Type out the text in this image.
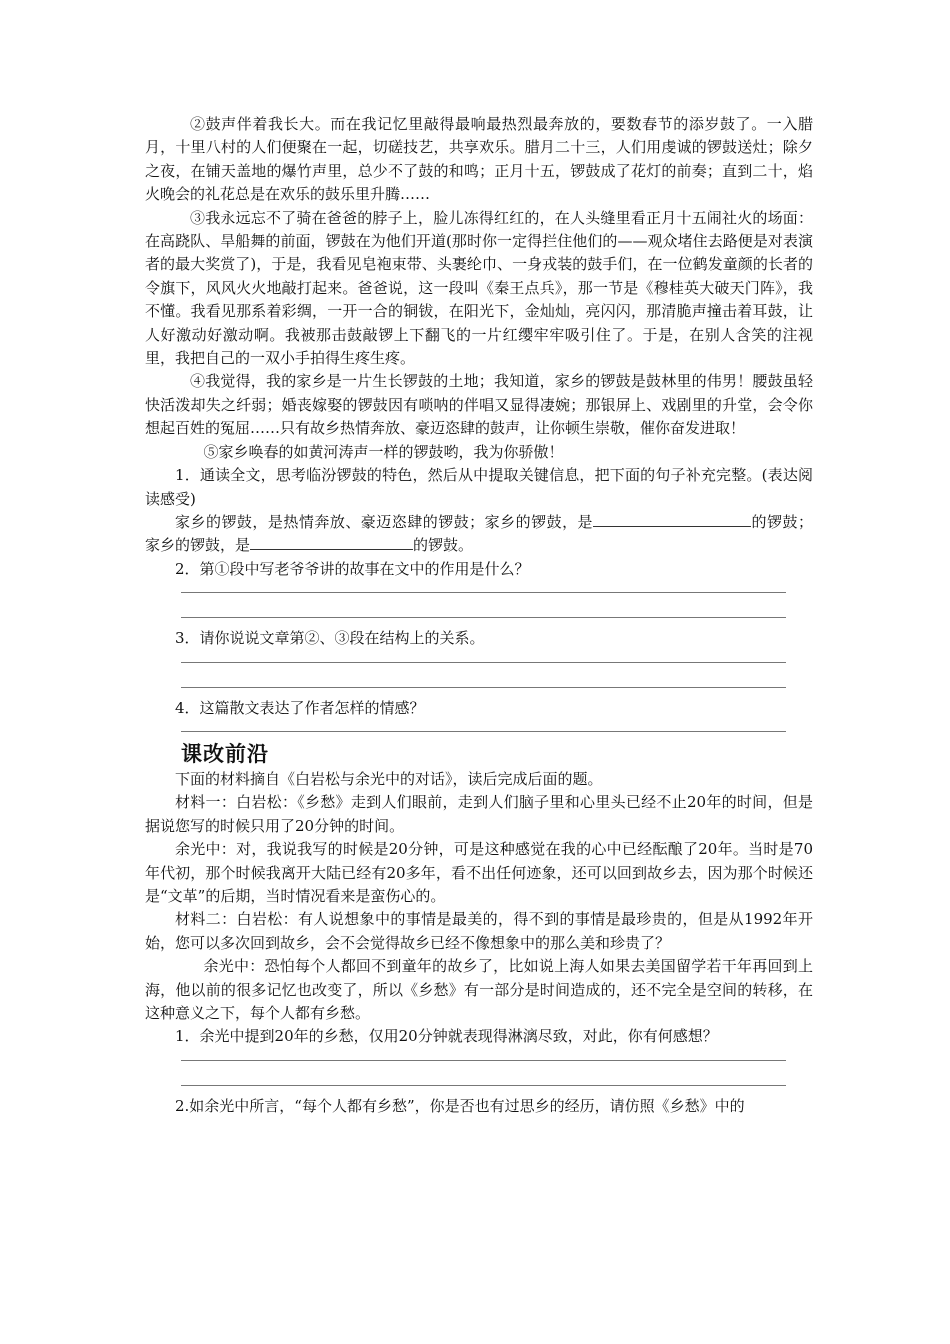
②鼓声伴着我长大。而在我记忆里敲得最响最热烈最奔放的，要数春节的添岁鼓了。一入腊月，十里八村的人们便聚在一起，切磋技艺，共享欢乐。腊月二十三，人们用虔诚的锣鼓送灶；除夕之夜，在铺天盖地的爆竹声里，总少不了鼓的和鸣；正月十五，锣鼓成了花灯的前奏；直到二十，焰火晚会的礼花总是在欢乐的鼓乐里升腾……

③我永远忘不了骑在爸爸的脖子上，脸儿冻得红红的，在人头缝里看正月十五闹社火的场面：在高跷队、旱船舞的前面，锣鼓在为他们开道(那时你一定得拦住他们的——观众堵住去路便是对表演者的最大奖赏了)，于是，我看见皂袍束带、头裹纶巾、一身戎装的鼓手们，在一位鹤发童颜的长者的令旗下，风风火火地敲打起来。爸爸说，这一段叫《秦王点兵》，那一节是《穆桂英大破天门阵》，我不懂。我看见那系着彩绸，一开一合的铜钹，在阳光下，金灿灿，亮闪闪，那清脆声撞击着耳鼓，让人好激动好激动啊。我被那击鼓敲锣上下翻飞的一片红缨牢牢吸引住了。于是，在别人含笑的注视里，我把自己的一双小手拍得生疼生疼。

④我觉得，我的家乡是一片生长锣鼓的土地；我知道，家乡的锣鼓是鼓林里的伟男！腰鼓虽轻快活泼却失之纤弱；婚丧嫁娶的锣鼓因有唢呐的伴唱又显得凄婉；那银屏上、戏剧里的升堂，会令你想起百姓的冤屈……只有故乡热情奔放、豪迈恣肆的鼓声，让你顿生崇敬，催你奋发进取！

⑤家乡唤春的如黄河涛声一样的锣鼓哟，我为你骄傲！

1．通读全文，思考临汾锣鼓的特色，然后从中提取关键信息，把下面的句子补充完整。(表达阅读感受)

家乡的锣鼓，是热情奔放、豪迈恣肆的锣鼓；家乡的锣鼓，是	的锣鼓；家乡的锣鼓，是	的锣鼓。

2．第①段中写老爷爷讲的故事在文中的作用是什么？

3．请你说说文章第②、③段在结构上的关系。

4．这篇散文表达了作者怎样的情感？

课改前沿

下面的材料摘自《白岩松与余光中的对话》，读后完成后面的题。

材料一：白岩松：《乡愁》走到人们眼前，走到人们脑子里和心里头已经不止20年的时间，但是据说您写的时候只用了20分钟的时间。

余光中：对，我说我写的时候是20分钟，可是这种感觉在我的心中已经酝酿了20年。当时是70年代初，那个时候我离开大陆已经有20多年，看不出任何迹象，还可以回到故乡去，因为那个时候还是“文革”的后期，当时情况看来是蛮伤心的。

材料二：白岩松：有人说想象中的事情是最美的，得不到的事情是最珍贵的，但是从1992年开始，您可以多次回到故乡，会不会觉得故乡已经不像想象中的那么美和珍贵了？

余光中：恐怕每个人都回不到童年的故乡了，比如说上海人如果去美国留学若干年再回到上海，他以前的很多记忆也改变了，所以《乡愁》有一部分是时间造成的，还不完全是空间的转移，在这种意义之下，每个人都有乡愁。

1．余光中提到20年的乡愁，仅用20分钟就表现得淋漓尽致，对此，你有何感想？

2.如余光中所言，“每个人都有乡愁”，你是否也有过思乡的经历，请仿照《乡愁》中的
